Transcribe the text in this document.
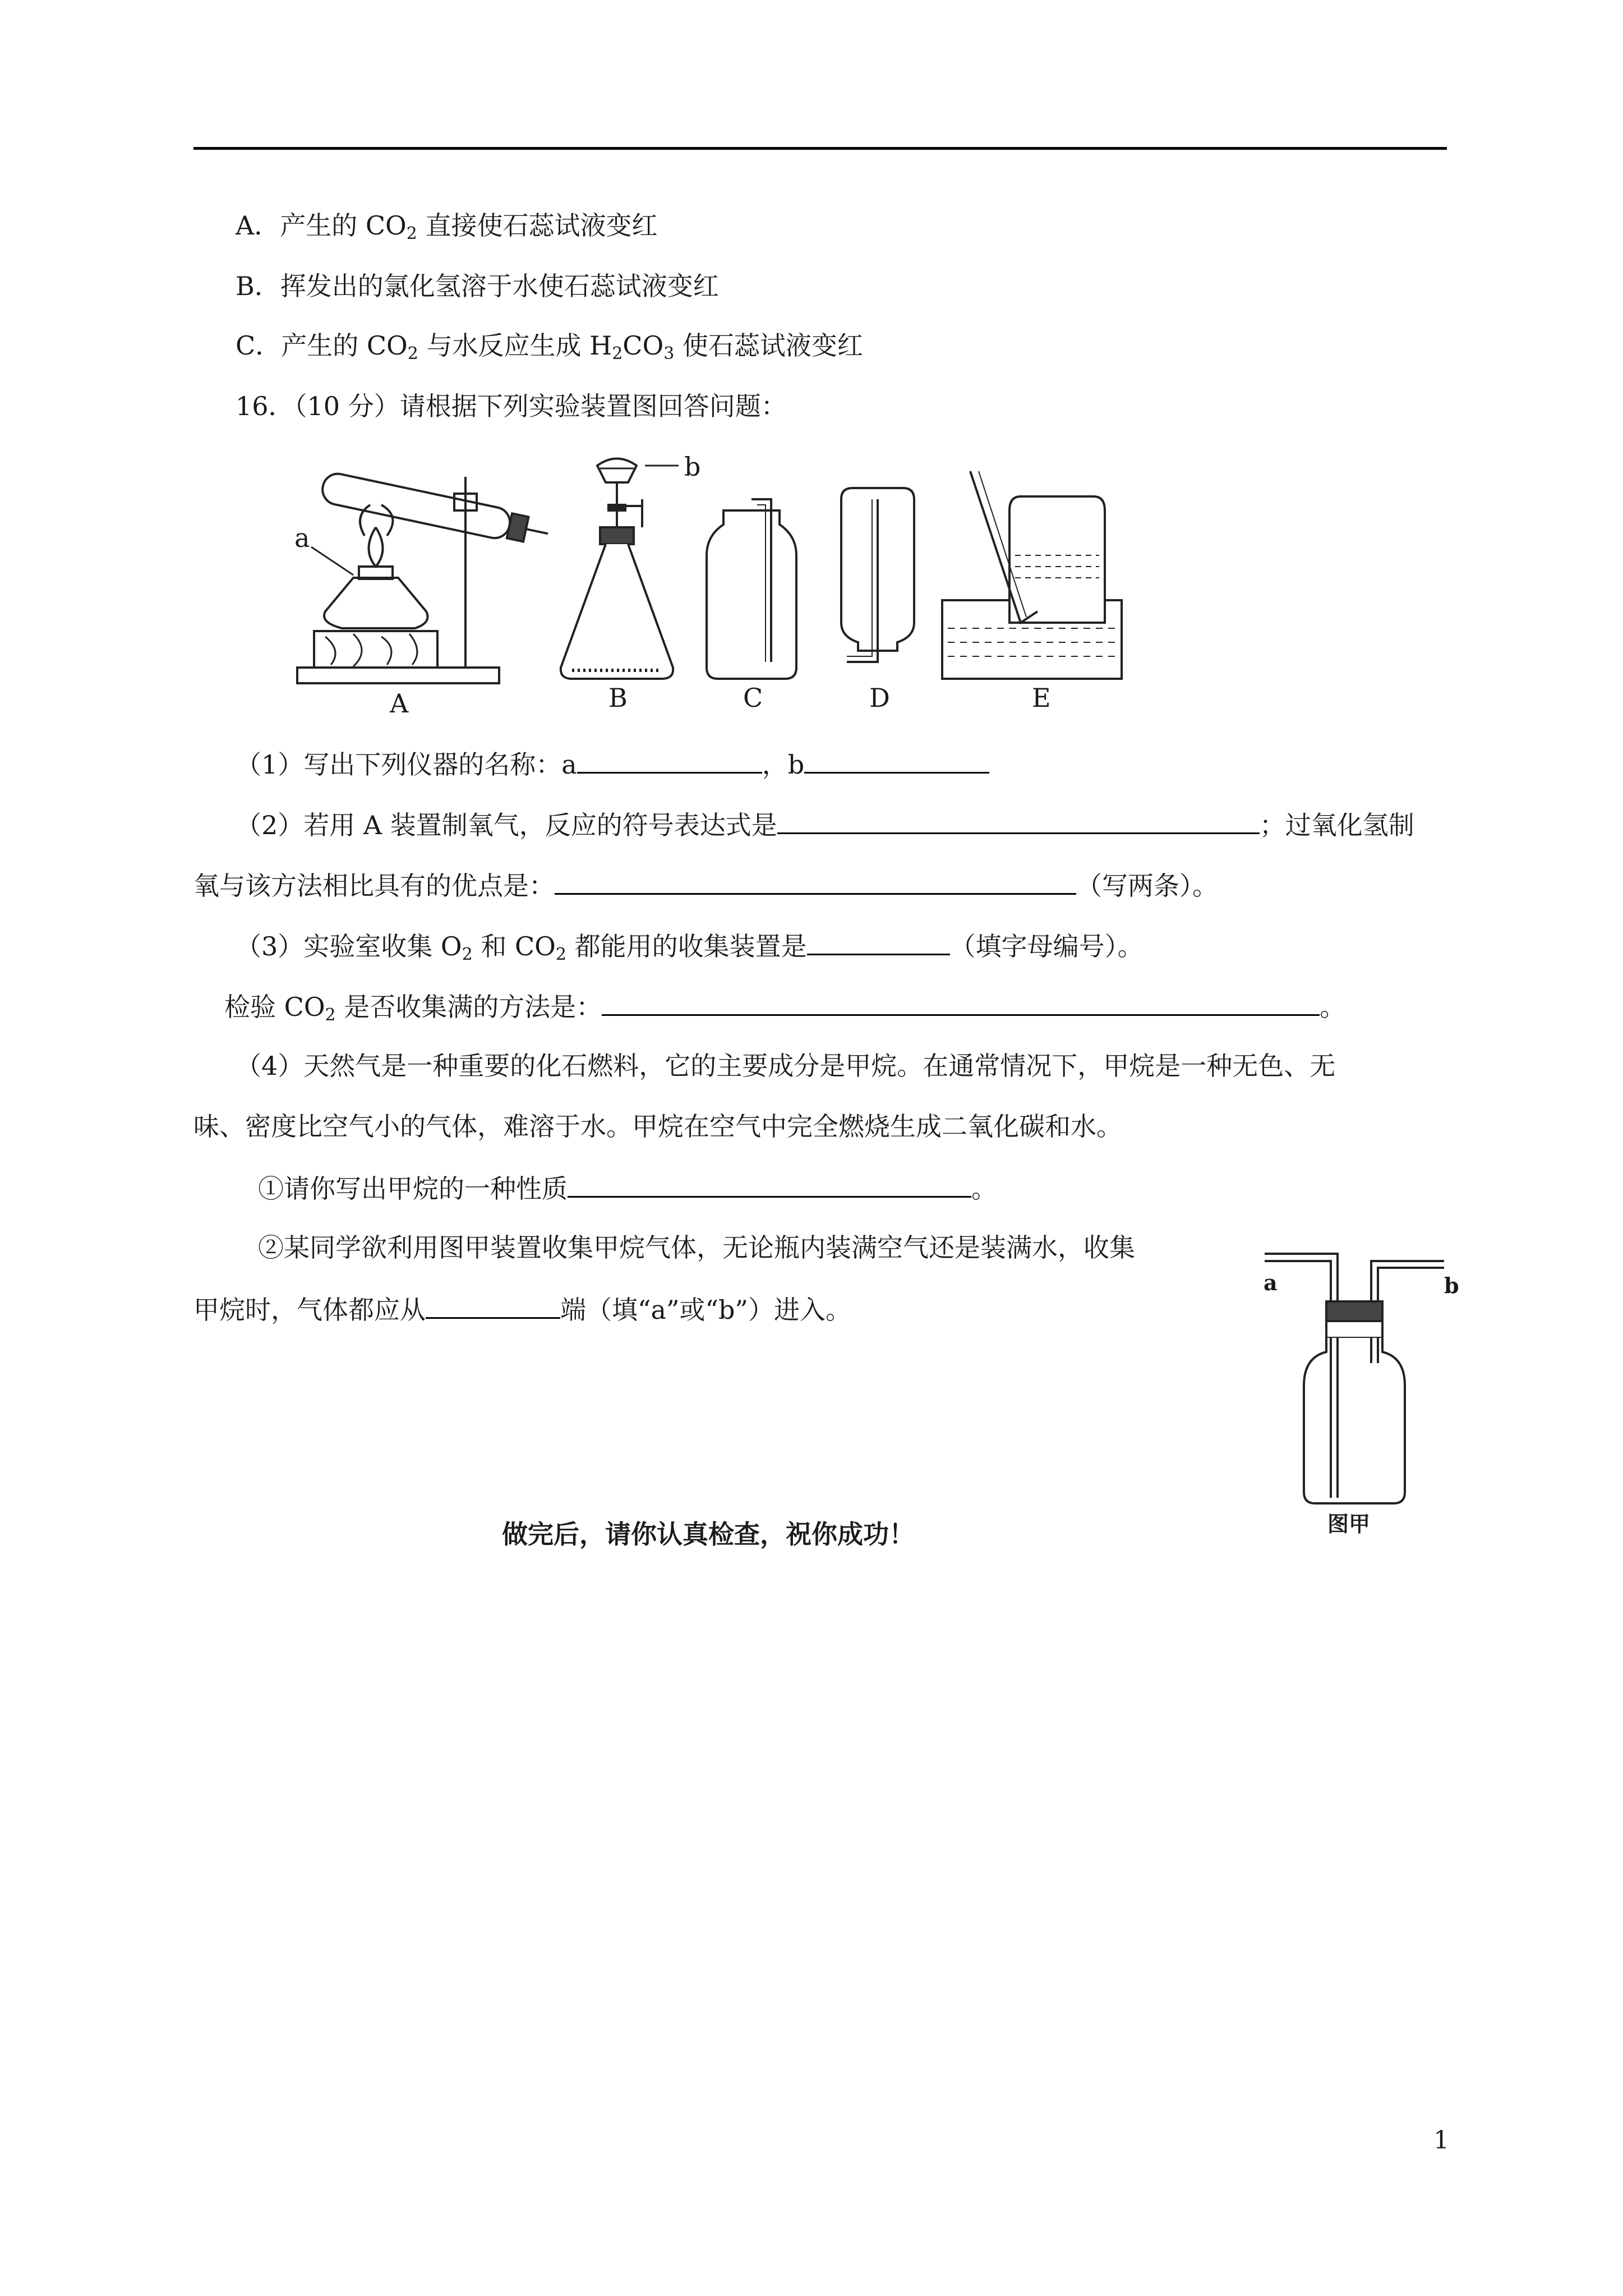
A．产生的 $CO_2$ 直接使石蕊试液变红
B．挥发出的氯化氢溶于水使石蕊试液变红
C．产生的 $CO_2$ 与水反应生成 $H_2CO_3$ 使石蕊试液变红
16．（10 分）请根据下列实验装置图回答问题：
a
b
A	B	C	D	E
（1）写出下列仪器的名称：a	，b
（2）若用 A 装置制氧气，反应的符号表达式是	；过氧化氢制
氧与该方法相比具有的优点是：	（写两条）。
（3）实验室收集 $O_2$ 和 $CO_2$ 都能用的收集装置是	（填字母编号）。
检验 $CO_2$ 是否收集满的方法是：	。
（4）天然气是一种重要的化石燃料，它的主要成分是甲烷。在通常情况下，甲烷是一种无色、无
味、密度比空气小的气体，难溶于水。甲烷在空气中完全燃烧生成二氧化碳和水。
①请你写出甲烷的一种性质	。
②某同学欲利用图甲装置收集甲烷气体，无论瓶内装满空气还是装满水，收集
甲烷时，气体都应从	端（填“a”或“b”）进入。
a	b
图甲
做完后，请你认真检查，祝你成功！
1
